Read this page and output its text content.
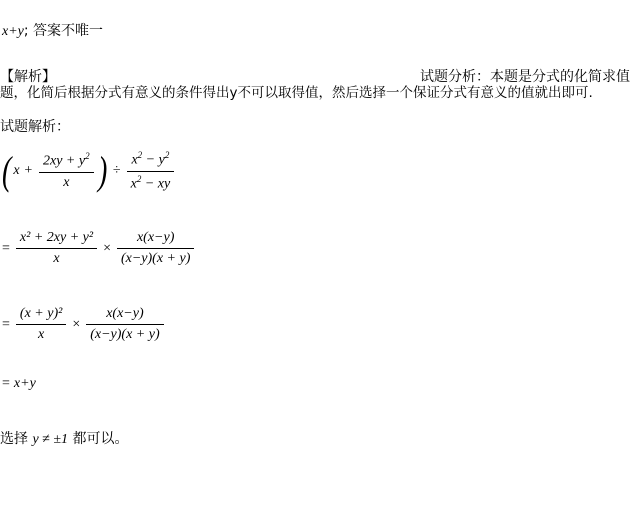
x+y; 答案不唯一
【解析】	试题分析：本题是分式的化简求值
题，化简后根据分式有意义的条件得出y不可以取得值，然后选择一个保证分式有意义的值就出即可.
试题解析：
( $x + \frac{2xy + y^2}{x}$ ) ÷ $\frac{x^2 - y^2}{x^2 - xy}$
= $\frac{\text{x² + 2xy + y²}}{x} \times \frac{x(x-y)}{(x-y)(x + y)}$
= $\frac{\text{(x + y)²}}{x} \times \frac{x(x-y)}{(x-y)(x + y)}$
= x+y
选择 y ≠ ±1 都可以。
